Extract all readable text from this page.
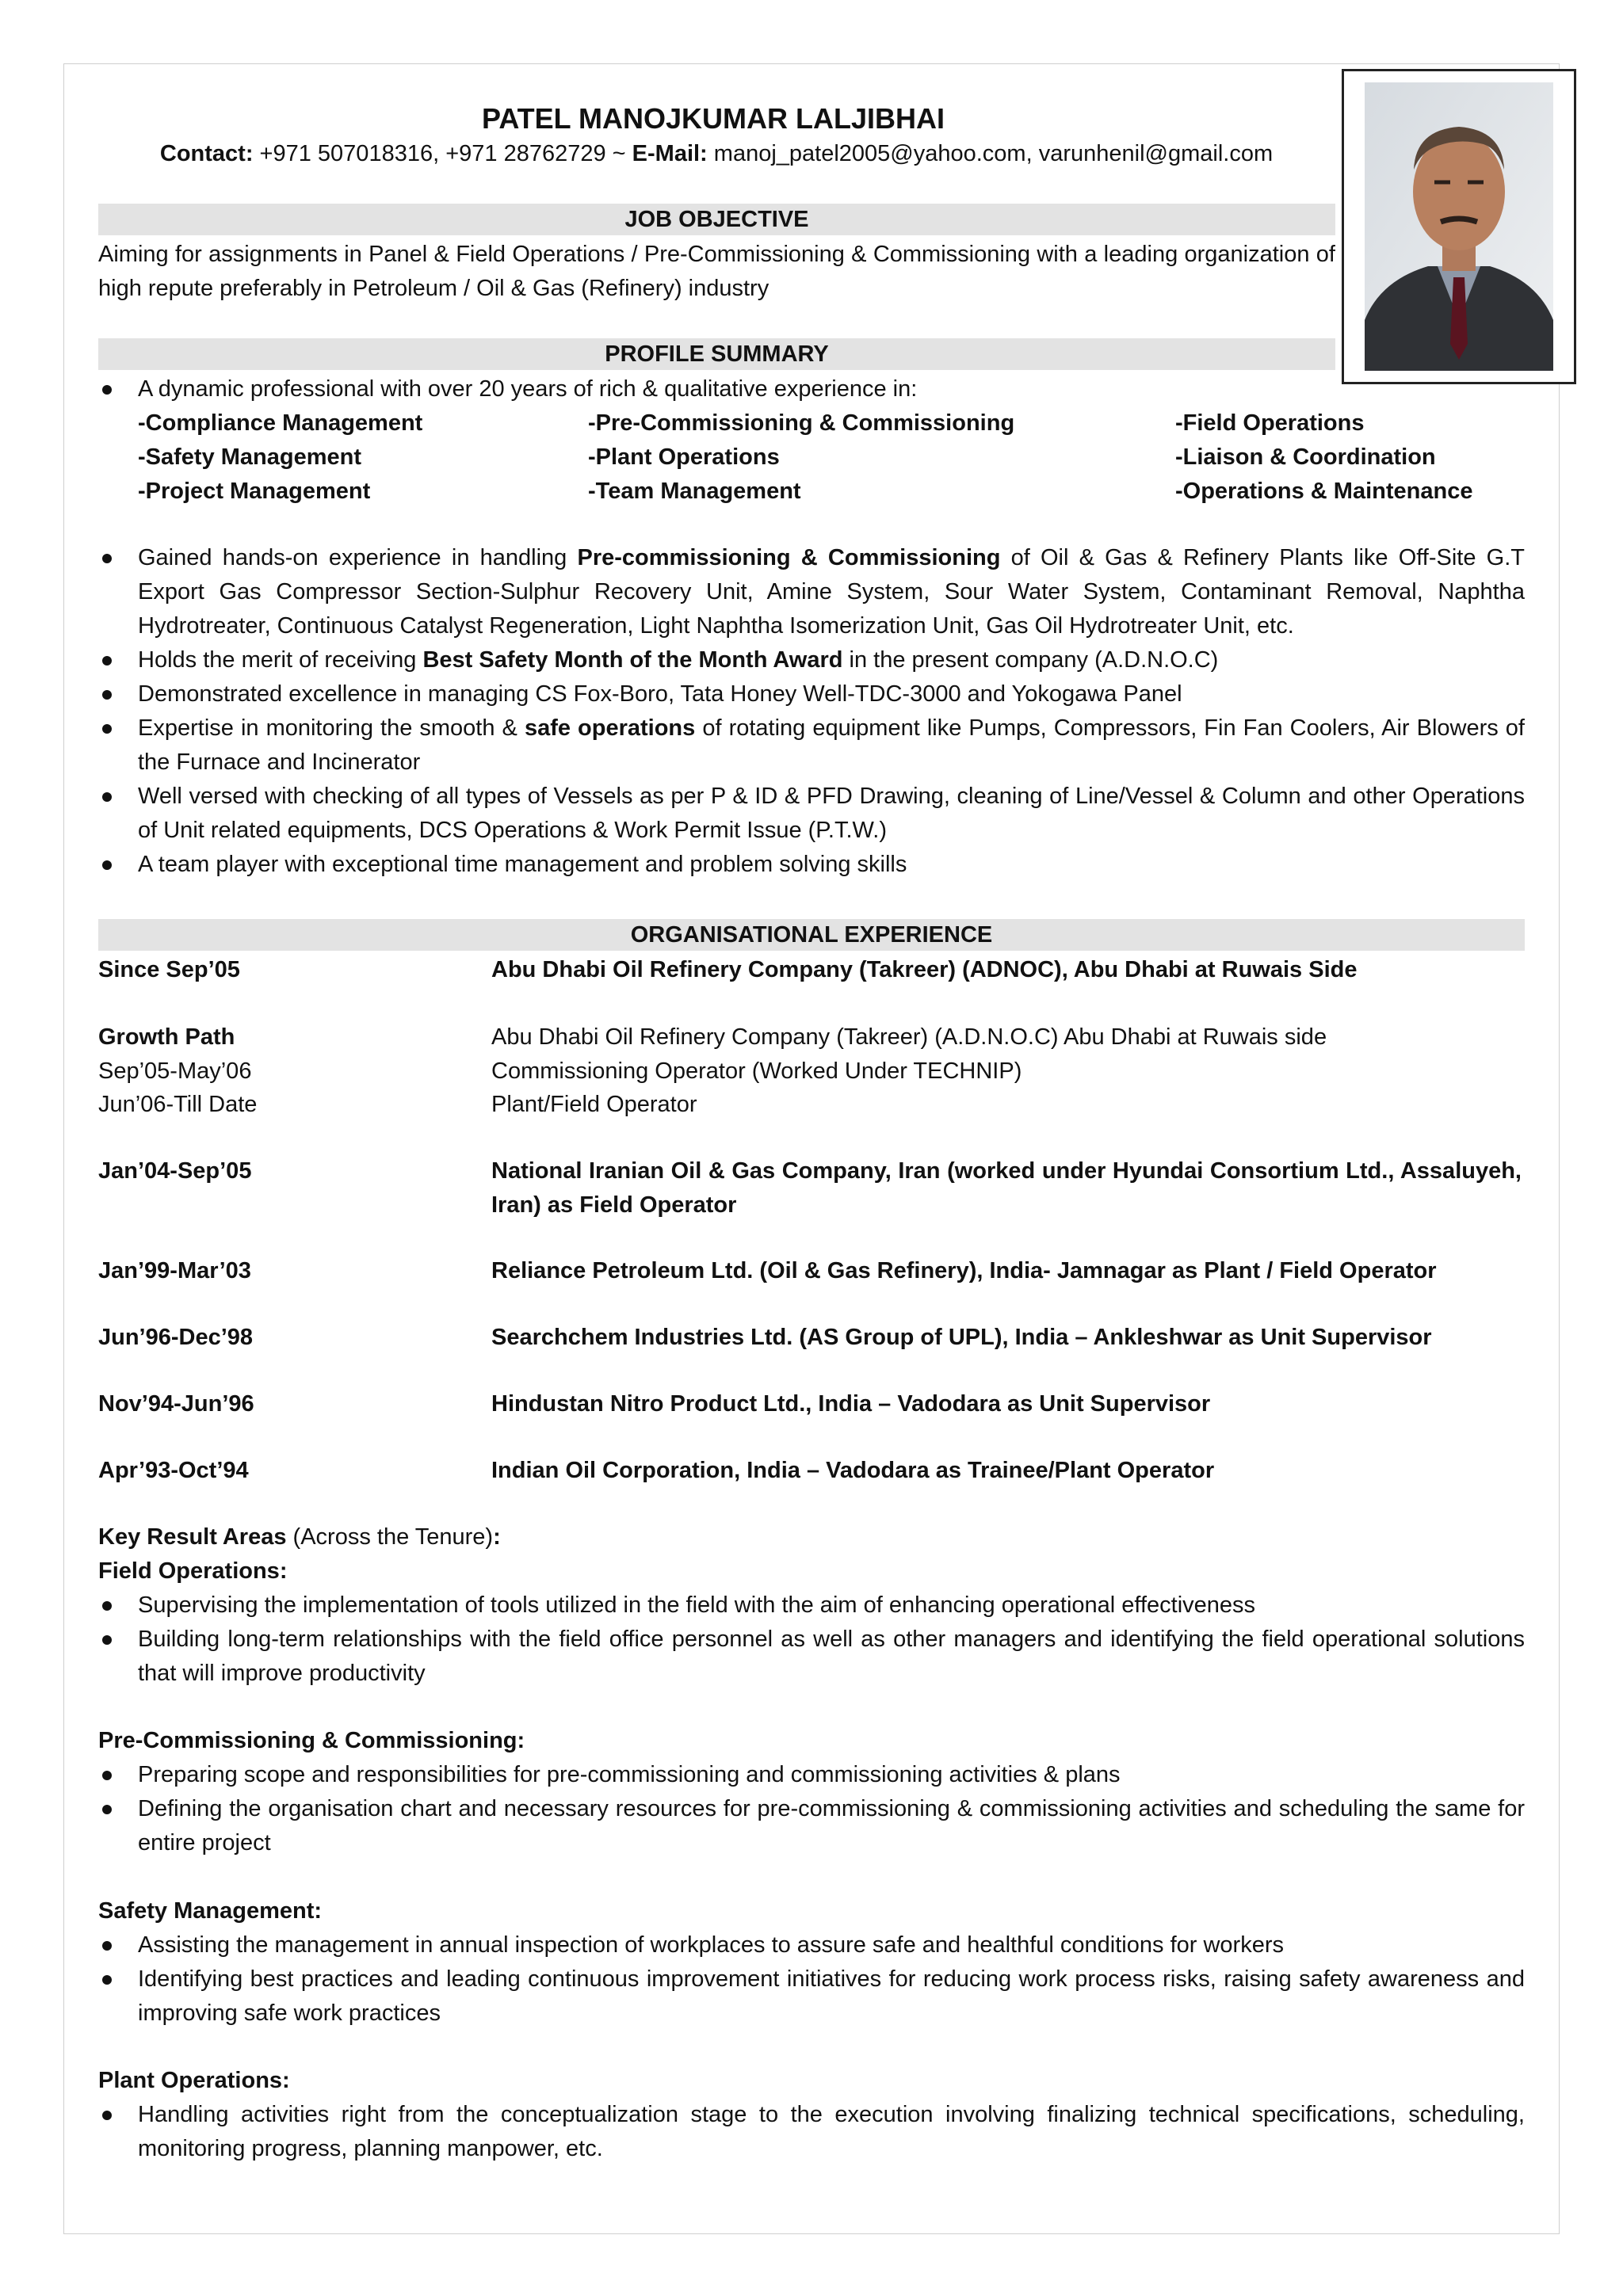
PATEL MANOJKUMAR LALJIBHAI
Contact: +971 507018316, +971 28762729 ~ E-Mail: manoj_patel2005@yahoo.com, varunhenil@gmail.com
JOB OBJECTIVE
Aiming for assignments in Panel & Field Operations / Pre-Commissioning & Commissioning with a leading organization of high repute preferably in Petroleum / Oil & Gas (Refinery) industry
PROFILE SUMMARY
A dynamic professional with over 20 years of rich & qualitative experience in:
-Compliance Management	-Pre-Commissioning & Commissioning	-Field Operations
-Safety Management	-Plant Operations	-Liaison & Coordination
-Project Management	-Team Management	-Operations & Maintenance
Gained hands-on experience in handling Pre-commissioning & Commissioning of Oil & Gas & Refinery Plants like Off-Site G.T Export Gas Compressor Section-Sulphur Recovery Unit, Amine System, Sour Water System, Contaminant Removal, Naphtha Hydrotreater, Continuous Catalyst Regeneration, Light Naphtha Isomerization Unit, Gas Oil Hydrotreater Unit, etc.
Holds the merit of receiving Best Safety Month of the Month Award in the present company (A.D.N.O.C)
Demonstrated excellence in managing CS Fox-Boro, Tata Honey Well-TDC-3000 and Yokogawa Panel
Expertise in monitoring the smooth & safe operations of rotating equipment like Pumps, Compressors, Fin Fan Coolers, Air Blowers of the Furnace and Incinerator
Well versed with checking of all types of Vessels as per P & ID & PFD Drawing, cleaning of Line/Vessel & Column and other Operations of Unit related equipments, DCS Operations & Work Permit Issue (P.T.W.)
A team player with exceptional time management and problem solving skills
ORGANISATIONAL EXPERIENCE
Since Sep’05	Abu Dhabi Oil Refinery Company (Takreer) (ADNOC), Abu Dhabi at Ruwais Side
Growth Path	Abu Dhabi Oil Refinery Company (Takreer) (A.D.N.O.C) Abu Dhabi at Ruwais side
Sep’05-May’06	Commissioning Operator (Worked Under TECHNIP)
Jun’06-Till Date	Plant/Field Operator
Jan’04-Sep’05	National Iranian Oil & Gas Company, Iran (worked under Hyundai Consortium Ltd., Assaluyeh, Iran) as Field Operator
Jan’99-Mar’03	Reliance Petroleum Ltd. (Oil & Gas Refinery), India- Jamnagar as Plant / Field Operator
Jun’96-Dec’98	Searchchem Industries Ltd. (AS Group of UPL), India – Ankleshwar as Unit Supervisor
Nov’94-Jun’96	Hindustan Nitro Product Ltd., India – Vadodara as Unit Supervisor
Apr’93-Oct’94	Indian Oil Corporation, India – Vadodara as Trainee/Plant Operator
Key Result Areas (Across the Tenure):
Field Operations:
Supervising the implementation of tools utilized in the field with the aim of enhancing operational effectiveness
Building long-term relationships with the field office personnel as well as other managers and identifying the field operational solutions that will improve productivity
Pre-Commissioning & Commissioning:
Preparing scope and responsibilities for pre-commissioning and commissioning activities & plans
Defining the organisation chart and necessary resources for pre-commissioning & commissioning activities and scheduling the same for entire project
Safety Management:
Assisting the management in annual inspection of workplaces to assure safe and healthful conditions for workers
Identifying best practices and leading continuous improvement initiatives for reducing work process risks, raising safety awareness and improving safe work practices
Plant Operations:
Handling activities right from the conceptualization stage to the execution involving finalizing technical specifications, scheduling, monitoring progress, planning manpower, etc.
